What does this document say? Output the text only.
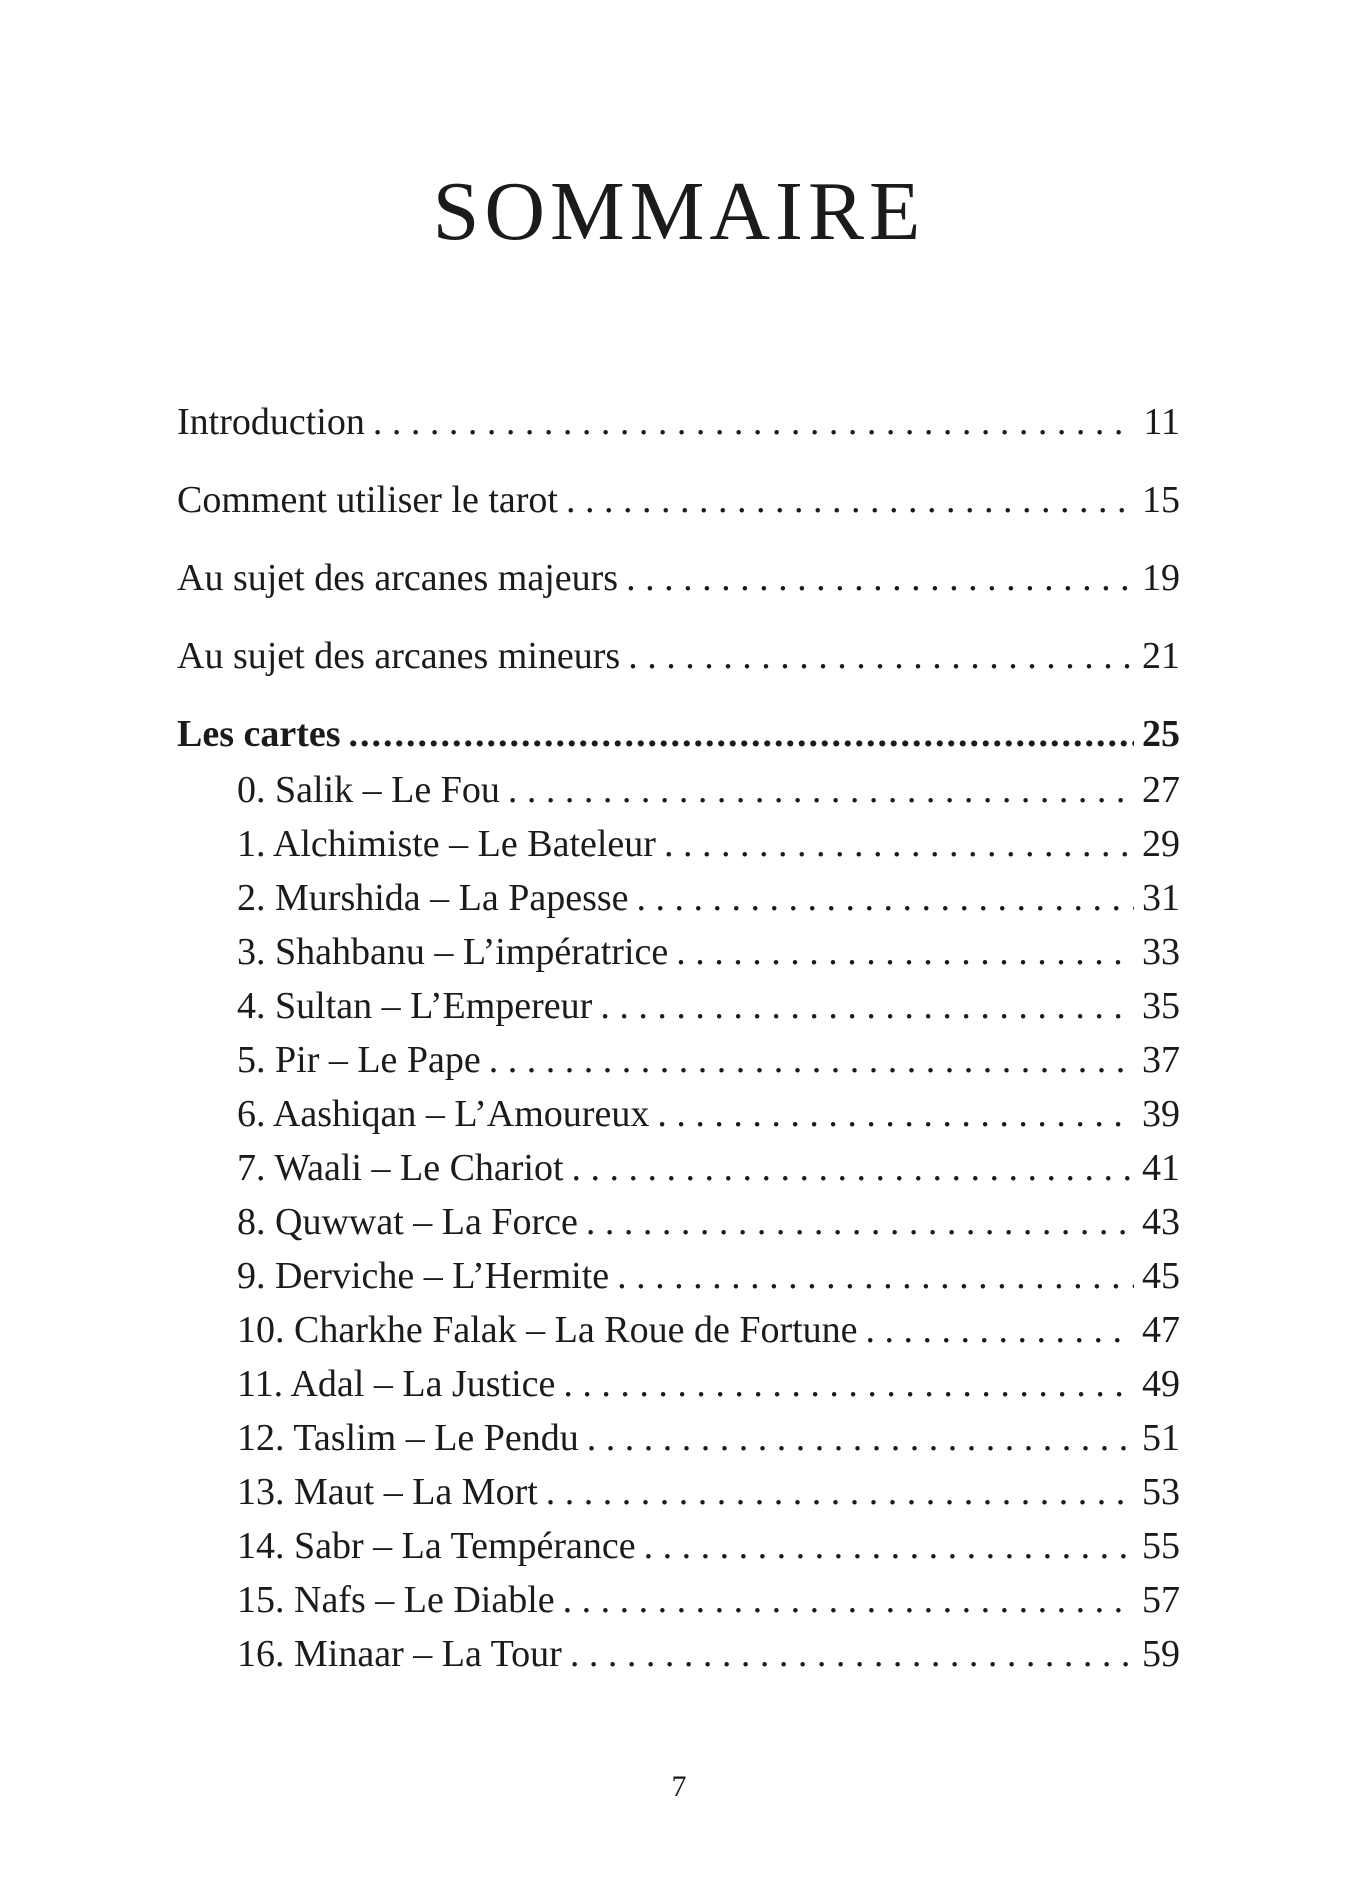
SOMMAIRE
Introduction . . .	11
Comment utiliser le tarot . . .	15
Au sujet des arcanes majeurs . . .	19
Au sujet des arcanes mineurs . . .	21
Les cartes .....	25
0. Salik – Le Fou . . .	27
1. Alchimiste – Le Bateleur . . .	29
2. Murshida – La Papesse . . .	31
3. Shahbanu – L’impératrice . . .	33
4. Sultan – L’Empereur . . .	35
5. Pir – Le Pape . . .	37
6. Aashiqan – L’Amoureux . . .	39
7. Waali – Le Chariot . . .	41
8. Quwwat – La Force . . .	43
9. Derviche – L’Hermite . . .	45
10. Charkhe Falak – La Roue de Fortune . . .	47
11. Adal – La Justice . . .	49
12. Taslim – Le Pendu . . .	51
13. Maut – La Mort . . .	53
14. Sabr – La Tempérance . . .	55
15. Nafs – Le Diable . . .	57
16. Minaar – La Tour . . .	59
7
